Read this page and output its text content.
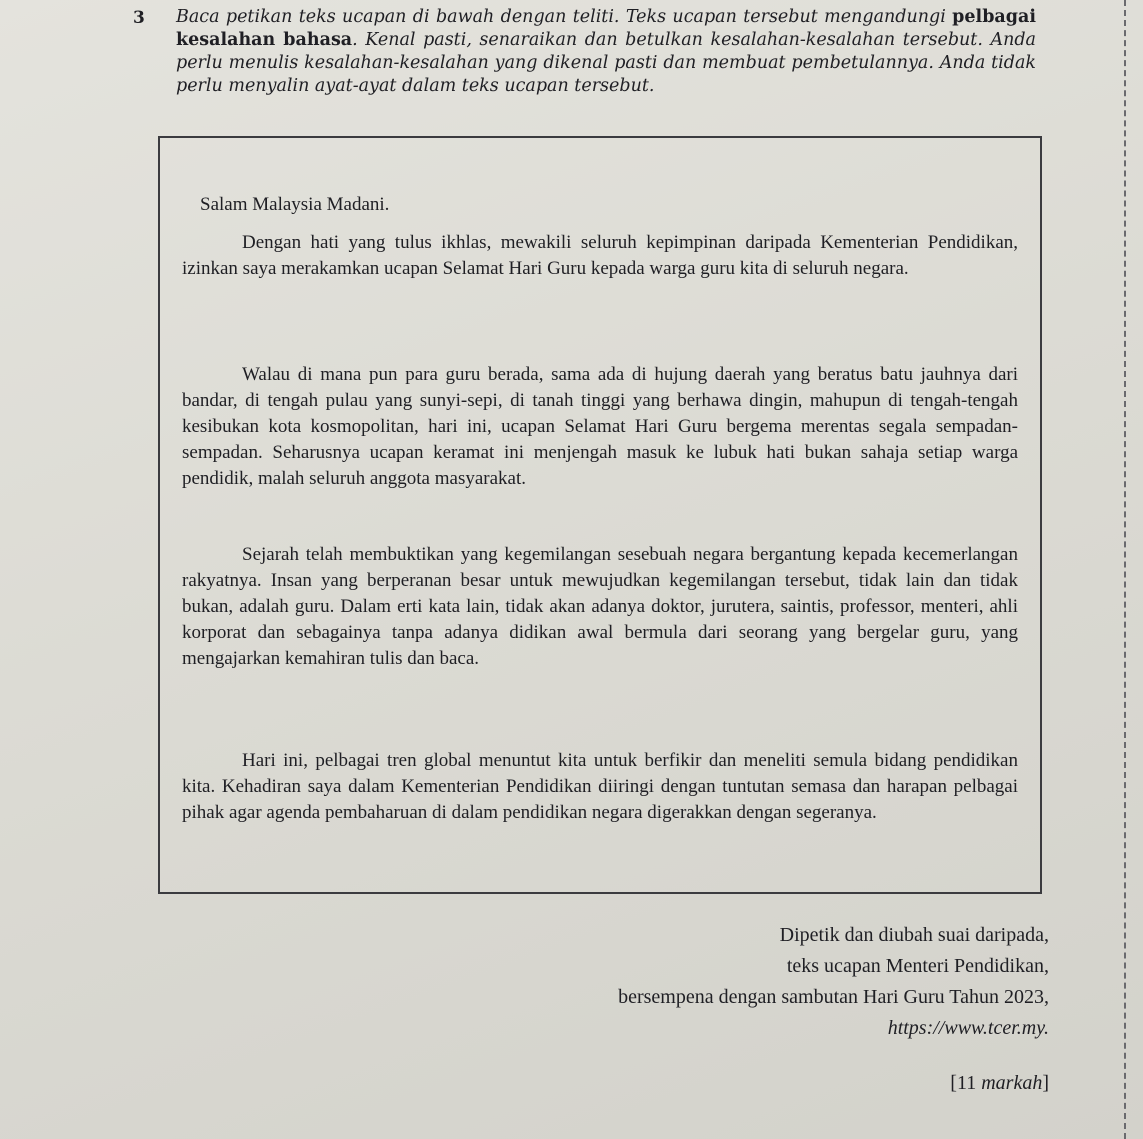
3 Baca petikan teks ucapan di bawah dengan teliti. Teks ucapan tersebut mengandungi pelbagai kesalahan bahasa. Kenal pasti, senaraikan dan betulkan kesalahan-kesalahan tersebut. Anda perlu menulis kesalahan-kesalahan yang dikenal pasti dan membuat pembetulannya. Anda tidak perlu menyalin ayat-ayat dalam teks ucapan tersebut.
Salam Malaysia Madani.

Dengan hati yang tulus ikhlas, mewakili seluruh kepimpinan daripada Kementerian Pendidikan, izinkan saya merakamkan ucapan Selamat Hari Guru kepada warga guru kita di seluruh negara.

Walau di mana pun para guru berada, sama ada di hujung daerah yang beratus batu jauhnya dari bandar, di tengah pulau yang sunyi-sepi, di tanah tinggi yang berhawa dingin, mahupun di tengah-tengah kesibukan kota kosmopolitan, hari ini, ucapan Selamat Hari Guru bergema merentas segala sempadan-sempadan. Seharusnya ucapan keramat ini menjengah masuk ke lubuk hati bukan sahaja setiap warga pendidik, malah seluruh anggota masyarakat.

Sejarah telah membuktikan yang kegemilangan sesebuah negara bergantung kepada kecemerlangan rakyatnya. Insan yang berperanan besar untuk mewujudkan kegemilangan tersebut, tidak lain dan tidak bukan, adalah guru. Dalam erti kata lain, tidak akan adanya doktor, jurutera, saintis, professor, menteri, ahli korporat dan sebagainya tanpa adanya didikan awal bermula dari seorang yang bergelar guru, yang mengajarkan kemahiran tulis dan baca.

Hari ini, pelbagai tren global menuntut kita untuk berfikir dan meneliti semula bidang pendidikan kita. Kehadiran saya dalam Kementerian Pendidikan diiringi dengan tuntutan semasa dan harapan pelbagai pihak agar agenda pembaharuan di dalam pendidikan negara digerakkan dengan segeranya.

Dipetik dan diubah suai daripada,
teks ucapan Menteri Pendidikan,
bersempena dengan sambutan Hari Guru Tahun 2023,
https://www.tcer.my.
[11 markah]
